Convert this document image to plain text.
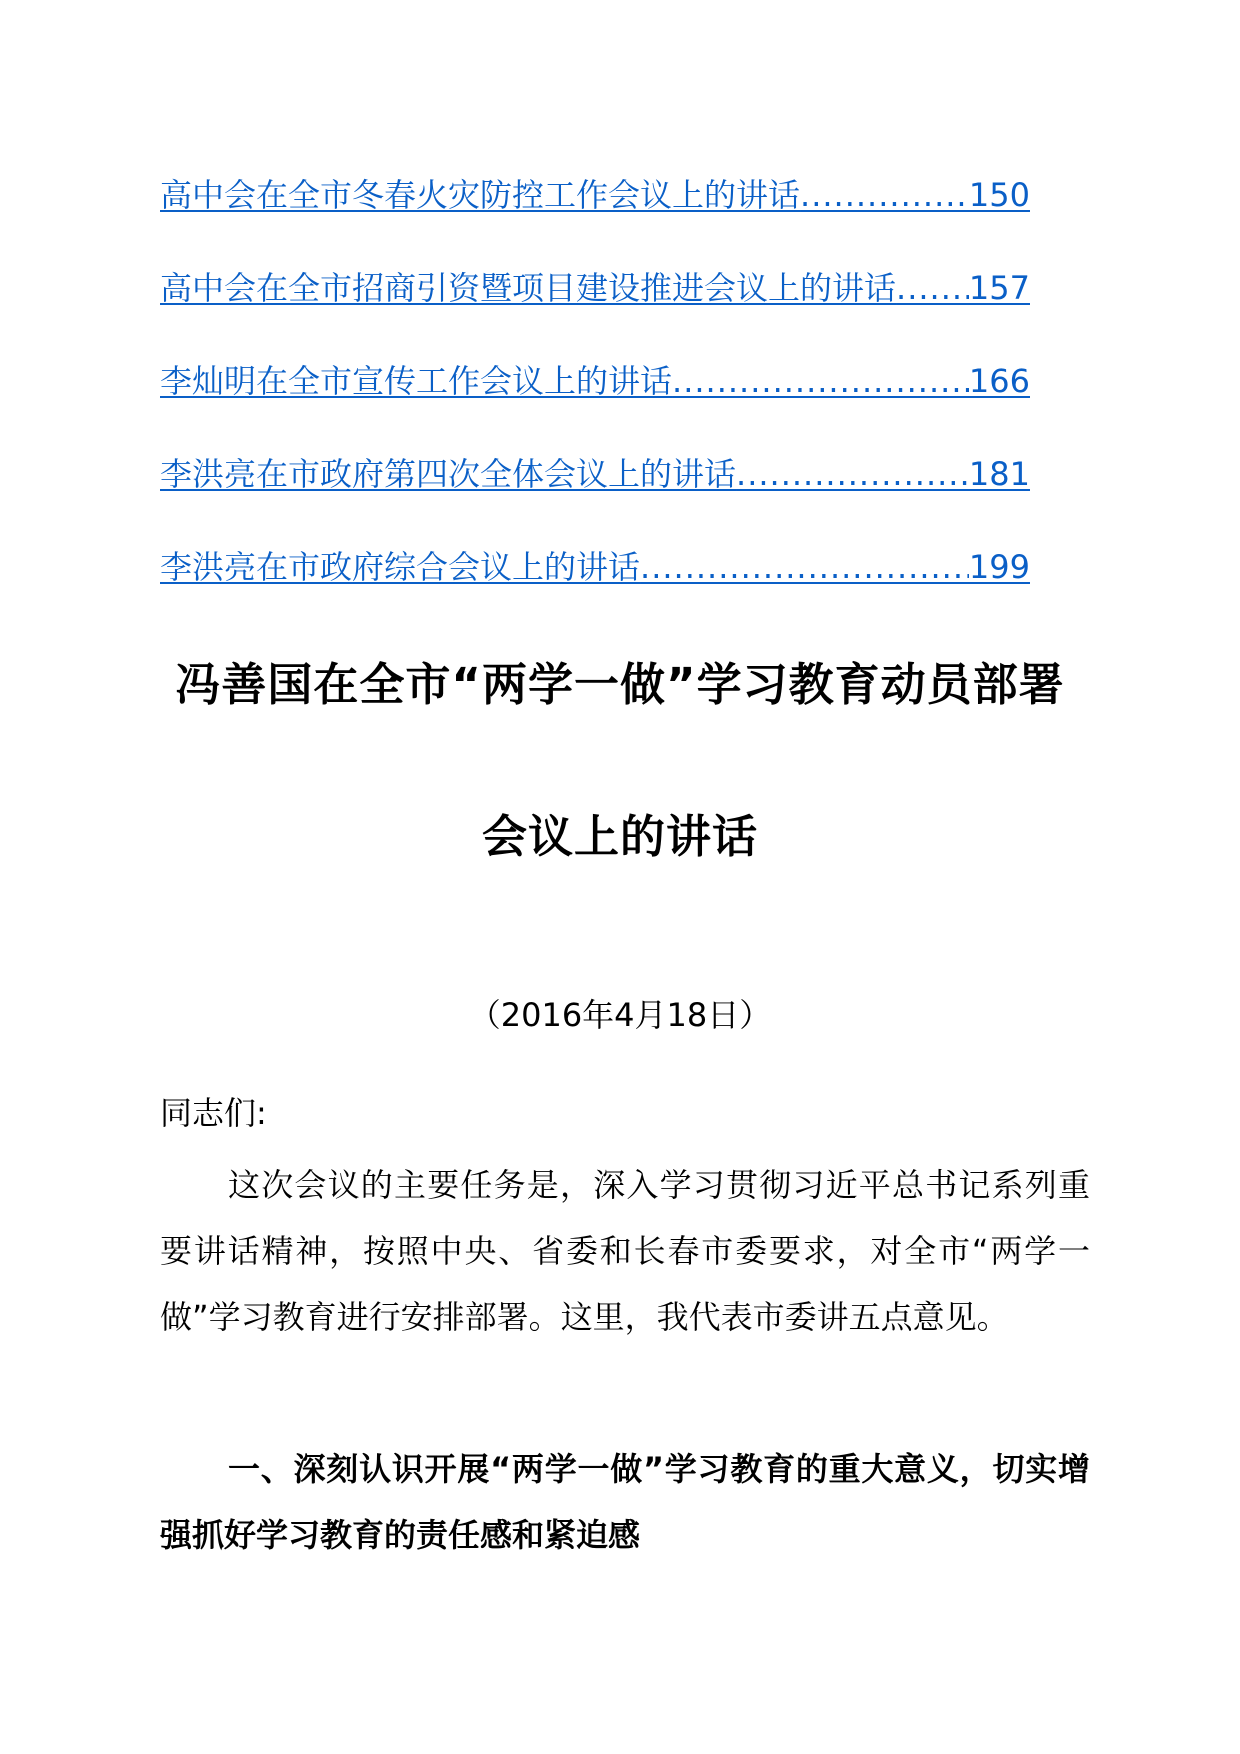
高中会在全市冬春火灾防控工作会议上的讲话 .....	150
高中会在全市招商引资暨项目建设推进会议上的讲话 ..... 157
李灿明在全市宣传工作会议上的讲话 .....	166
李洪亮在市政府第四次全体会议上的讲话 .....	181
李洪亮在市政府综合会议上的讲话 .....	199
冯善国在全市“两学一做”学习教育动员部署
会议上的讲话
（2016年4月18日）
同志们:
这次会议的主要任务是，深入学习贯彻习近平总书记系列重要讲话精神，按照中央、省委和长春市委要求，对全市“两学一做”学习教育进行安排部署。这里，我代表市委讲五点意见。
一、深刻认识开展“两学一做”学习教育的重大意义，切实增强抓好学习教育的责任感和紧迫感
